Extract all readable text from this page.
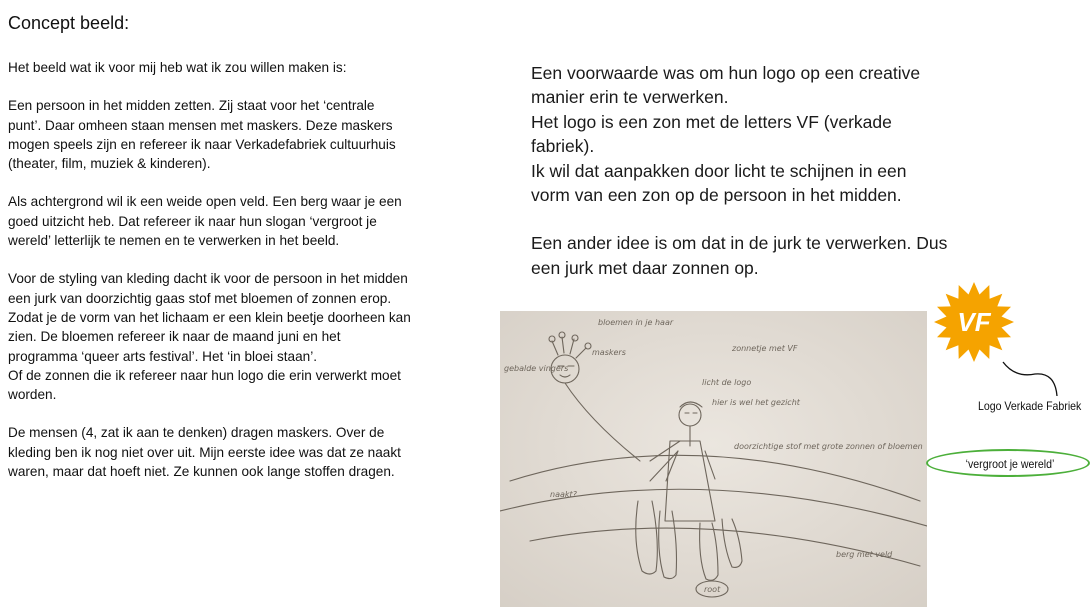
Concept beeld:

Het beeld wat ik voor mij heb wat ik zou willen maken is:

Een persoon in het midden zetten. Zij staat voor het ‘centrale
punt’. Daar omheen staan mensen met maskers. Deze maskers
mogen speels zijn en refereer ik naar Verkadefabriek cultuurhuis
(theater, film, muziek & kinderen).

Als achtergrond wil ik een weide open veld. Een berg waar je een
goed uitzicht heb. Dat refereer ik naar hun slogan ‘vergroot je
wereld’ letterlijk te nemen en te verwerken in het beeld.

Voor de styling van kleding dacht ik voor de persoon in het midden
een jurk van doorzichtig gaas stof met bloemen of zonnen erop.
Zodat je de vorm van het lichaam er een klein beetje doorheen kan
zien. De bloemen refereer ik naar de maand juni en het
programma ‘queer arts festival’. Het ‘in bloei staan’.
Of de zonnen die ik refereer naar hun logo die erin verwerkt moet
worden.

De mensen (4, zat ik aan te denken) dragen maskers. Over de
kleding ben ik nog niet over uit. Mijn eerste idee was dat ze naakt
waren, maar dat hoeft niet. Ze kunnen ook lange stoffen dragen.

Een voorwaarde was om hun logo op een creative
manier erin te verwerken.
Het logo is een zon met de letters VF (verkade
fabriek).
Ik wil dat aanpakken door licht te schijnen in een
vorm van een zon op de persoon in het midden.

Een ander idee is om dat in de jurk te verwerken. Dus
een jurk met daar zonnen op.

bloemen in je haar
maskers
gebalde vingers
zonnetje met VF
licht de logo
hier is wel het gezicht
doorzichtige stof met grote zonnen of bloemen
naakt?
berg met veld
root
VF
Logo Verkade Fabriek
‘vergroot je wereld’
